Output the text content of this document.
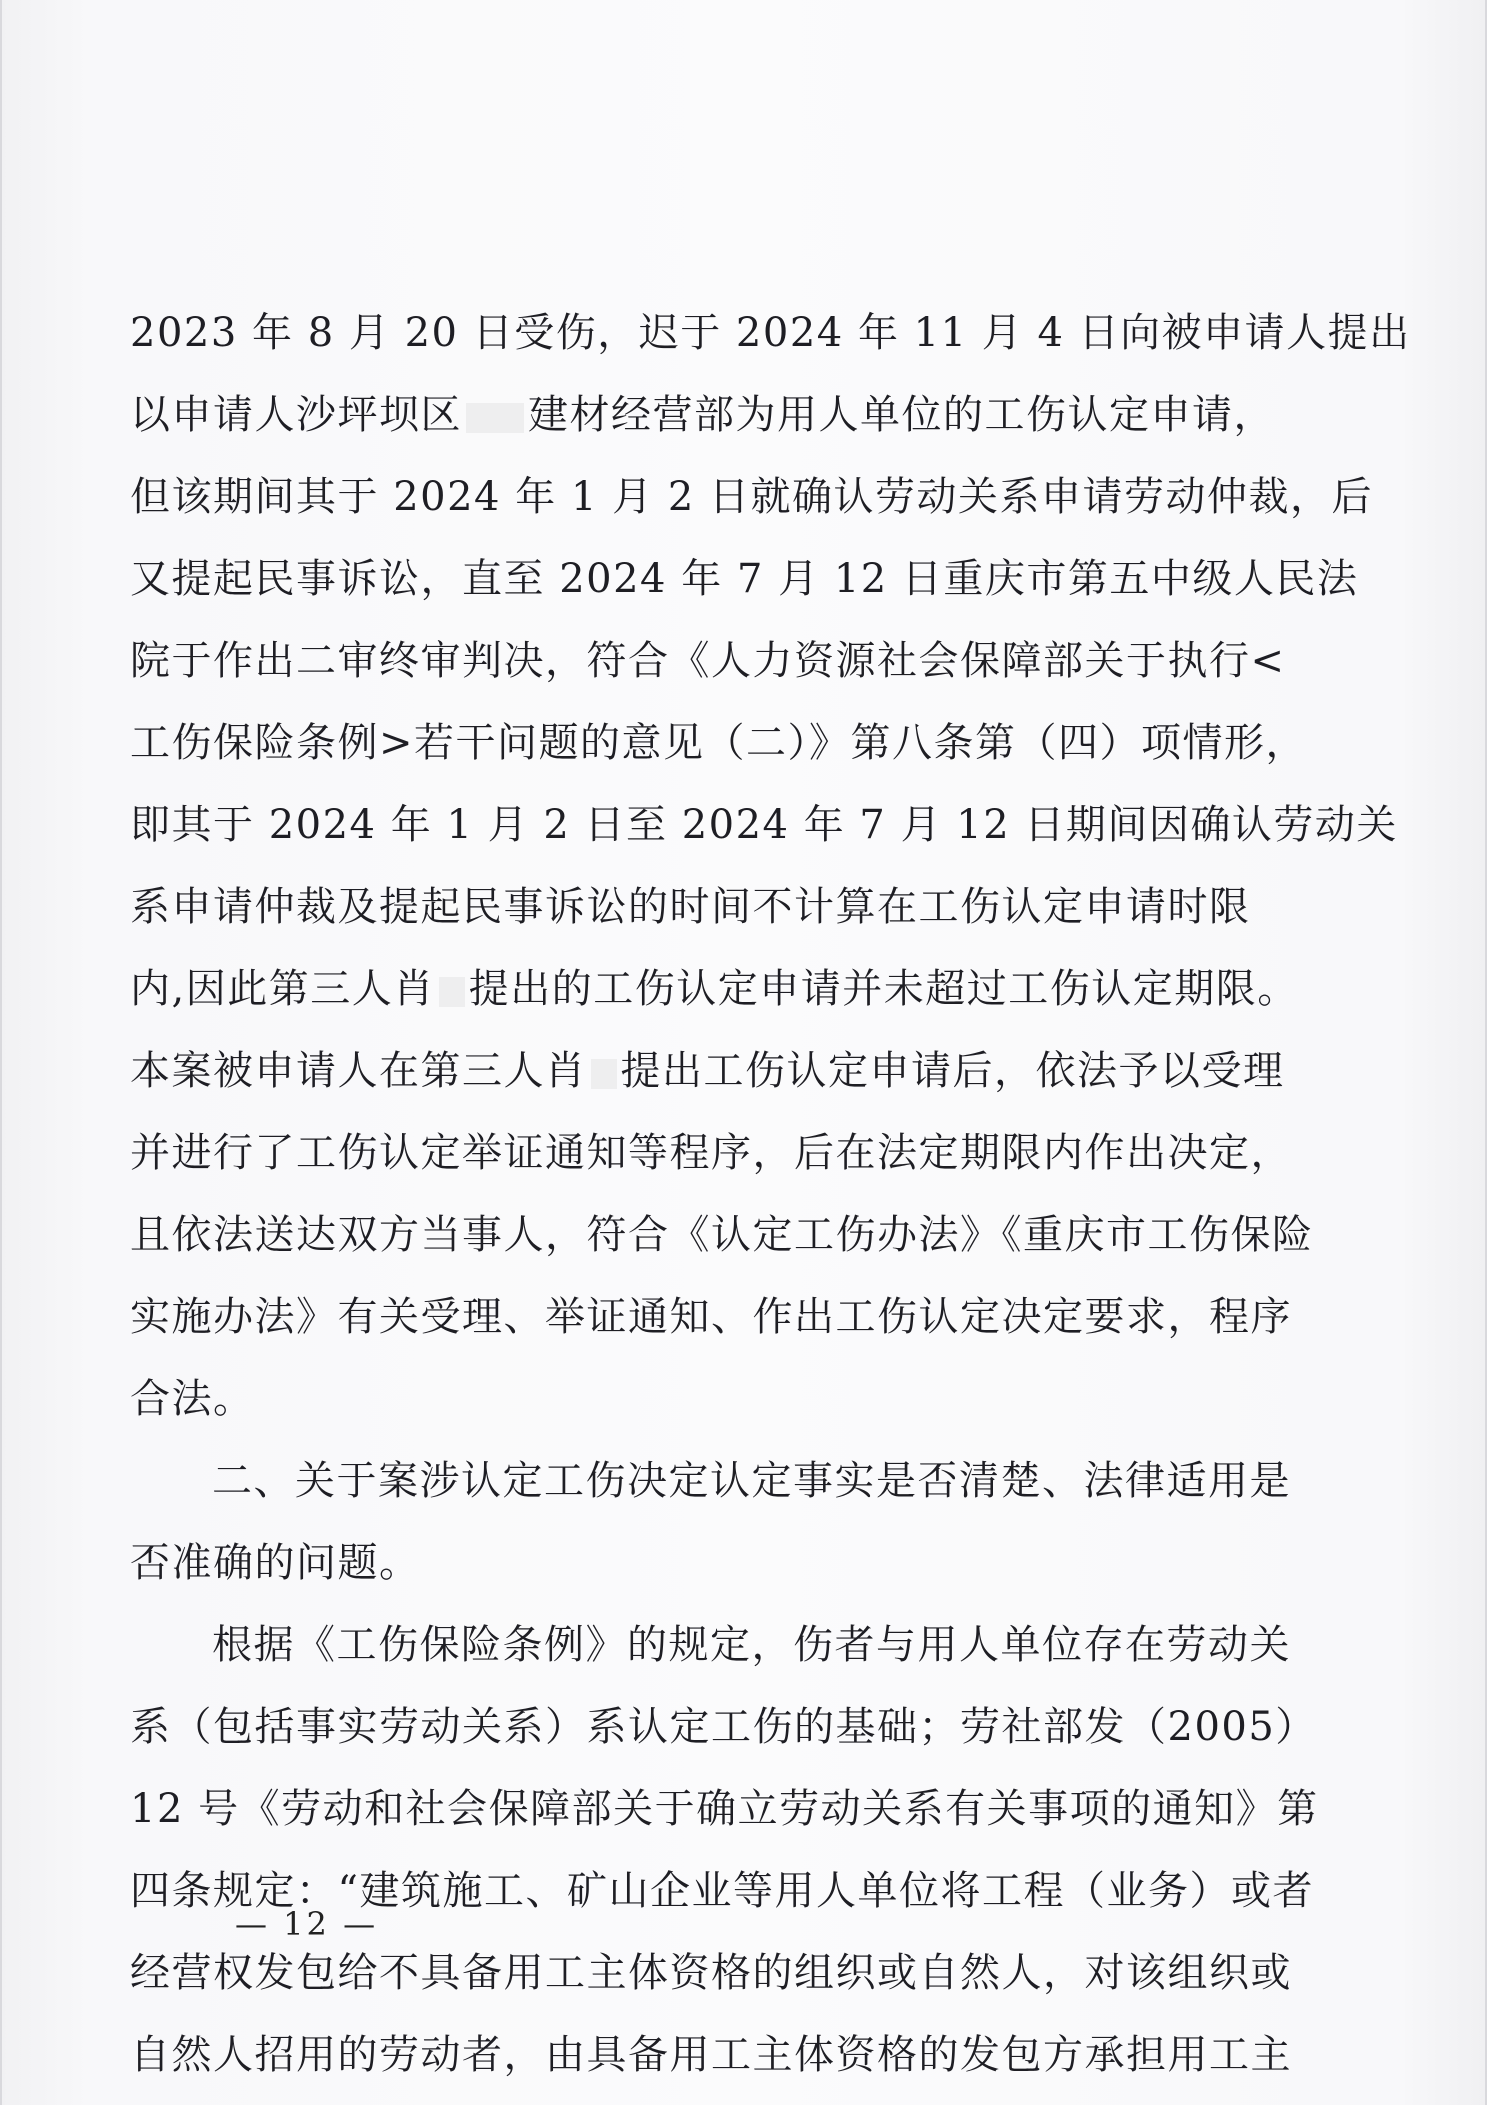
2023 年 8 月 20 日受伤，迟于 2024 年 11 月 4 日向被申请人提出
以申请人沙坪坝区 建材经营部为用人单位的工伤认定申请，
但该期间其于 2024 年 1 月 2 日就确认劳动关系申请劳动仲裁，后
又提起民事诉讼，直至 2024 年 7 月 12 日重庆市第五中级人民法
院于作出二审终审判决，符合《人力资源社会保障部关于执行<
工伤保险条例>若干问题的意见（二）》第八条第（四）项情形，
即其于 2024 年 1 月 2 日至 2024 年 7 月 12 日期间因确认劳动关
系申请仲裁及提起民事诉讼的时间不计算在工伤认定申请时限
内,因此第三人肖 提出的工伤认定申请并未超过工伤认定期限。
本案被申请人在第三人肖 提出工伤认定申请后，依法予以受理
并进行了工伤认定举证通知等程序，后在法定期限内作出决定，
且依法送达双方当事人，符合《认定工伤办法》《重庆市工伤保险
实施办法》有关受理、举证通知、作出工伤认定决定要求，程序
合法。
二、关于案涉认定工伤决定认定事实是否清楚、法律适用是
否准确的问题。
根据《工伤保险条例》的规定，伤者与用人单位存在劳动关
系（包括事实劳动关系）系认定工伤的基础；劳社部发（2005）
12 号《劳动和社会保障部关于确立劳动关系有关事项的通知》第
四条规定：“建筑施工、矿山企业等用人单位将工程（业务）或者
经营权发包给不具备用工主体资格的组织或自然人，对该组织或
自然人招用的劳动者，由具备用工主体资格的发包方承担用工主
— 12 —
